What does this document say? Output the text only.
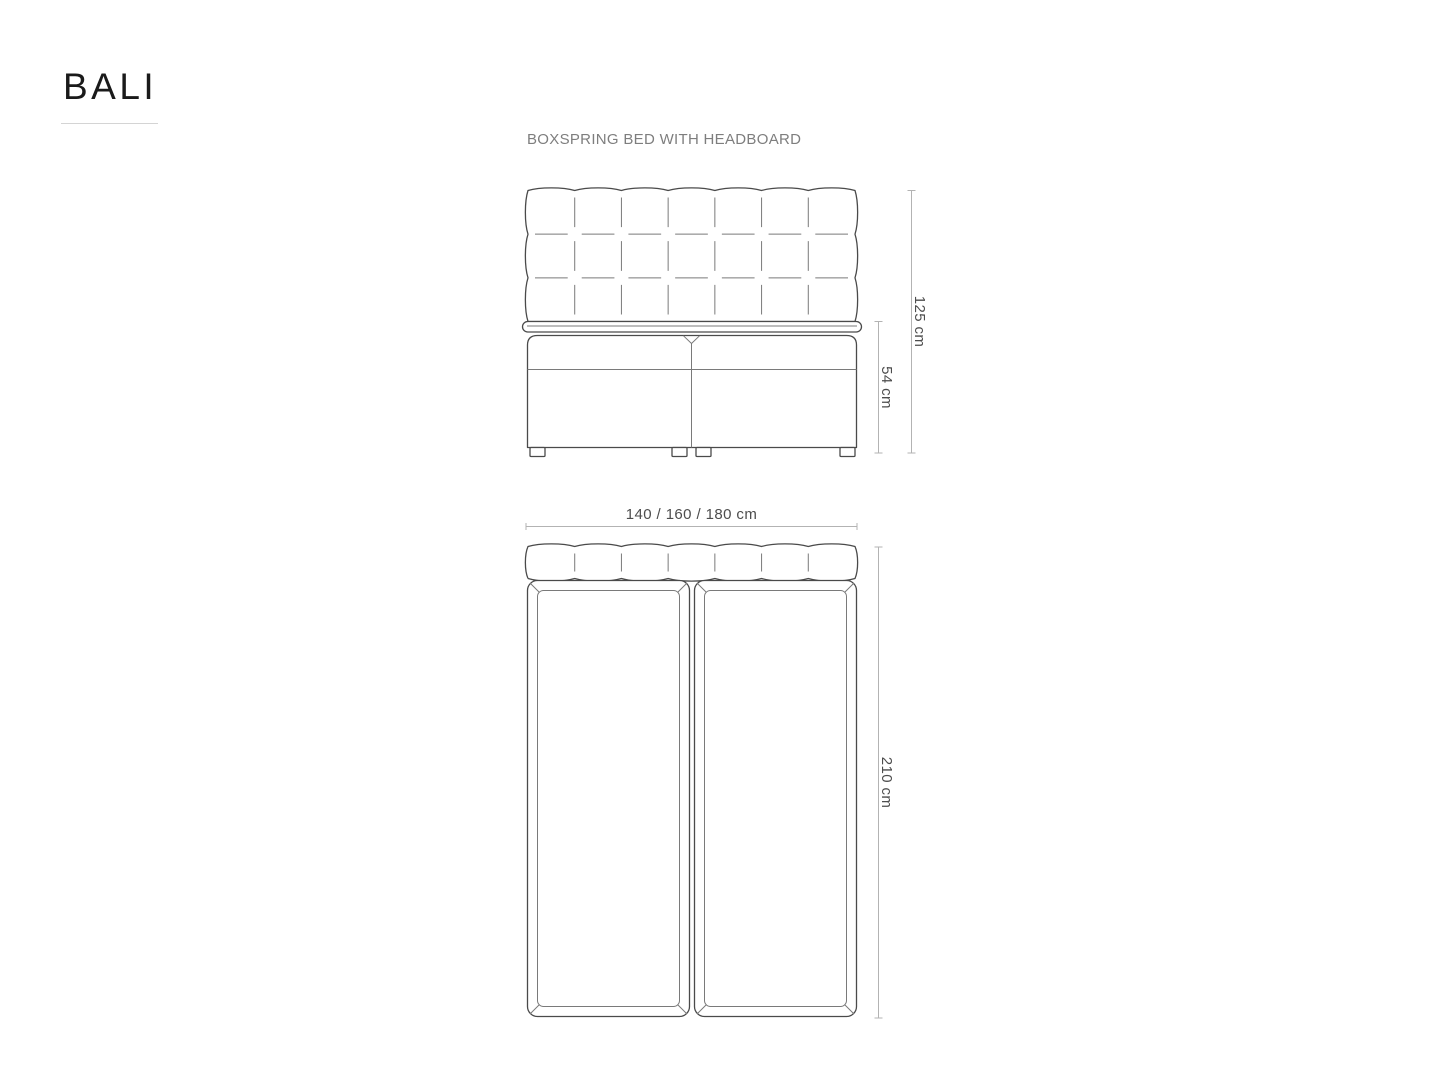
BALI
BOXSPRING BED WITH HEADBOARD
54 cm
125 cm
140 / 160 / 180 cm
210 cm
